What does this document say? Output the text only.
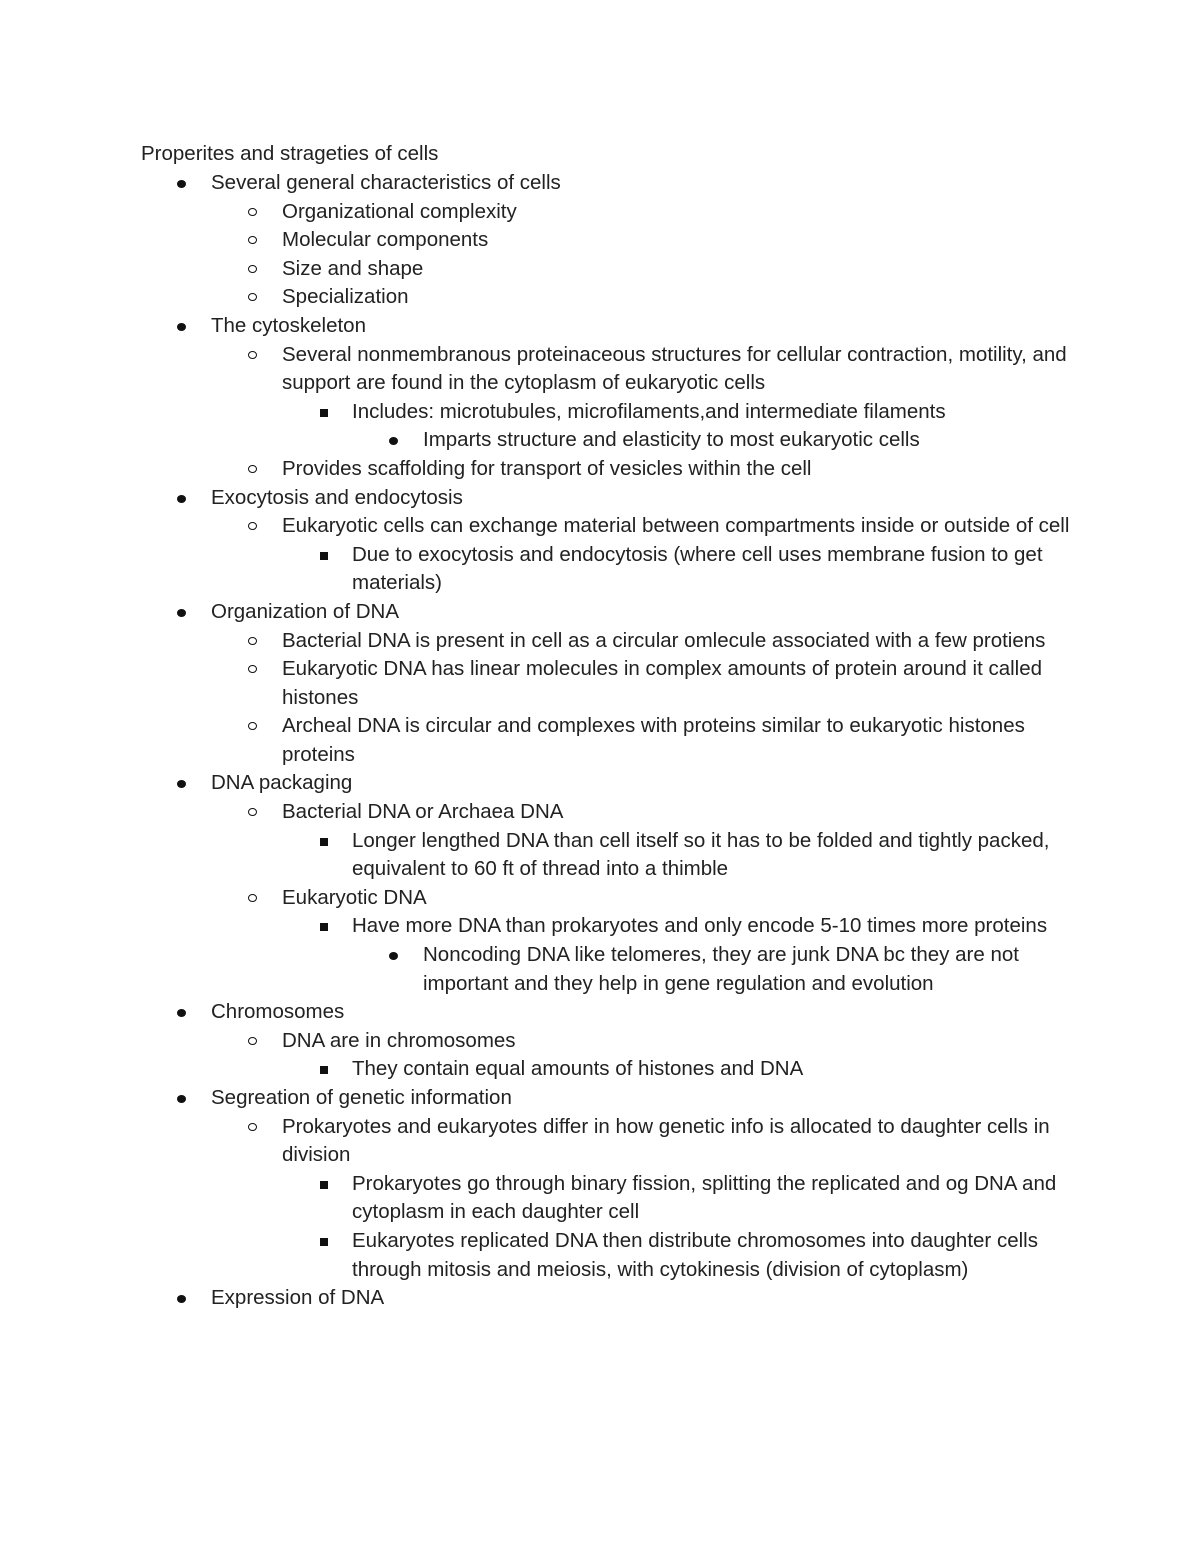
Properites and strageties of cells
Several general characteristics of cells
Organizational complexity
Molecular components
Size and shape
Specialization
The cytoskeleton
Several nonmembranous proteinaceous structures for cellular contraction, motility, and support are found in the cytoplasm of eukaryotic cells
Includes: microtubules, microfilaments,and intermediate filaments
Imparts structure and elasticity to most eukaryotic cells
Provides scaffolding for transport of vesicles within the cell
Exocytosis and endocytosis
Eukaryotic cells can exchange material between compartments inside or outside of cell
Due to exocytosis and endocytosis (where cell uses membrane fusion to get materials)
Organization of DNA
Bacterial DNA is present in cell as a circular omlecule associated with a few protiens
Eukaryotic DNA has linear molecules in complex amounts of protein around it called histones
Archeal DNA is circular and complexes with proteins similar to eukaryotic histones proteins
DNA packaging
Bacterial DNA or Archaea DNA
Longer lengthed DNA than cell itself so it has to be folded and tightly packed, equivalent to 60 ft of thread into a thimble
Eukaryotic DNA
Have more DNA than prokaryotes and only encode 5-10 times more proteins
Noncoding DNA like telomeres, they are junk DNA bc they are not important and they help in gene regulation and evolution
Chromosomes
DNA are in chromosomes
They contain equal amounts of histones and DNA
Segreation of genetic information
Prokaryotes and eukaryotes differ in how genetic info is allocated to daughter cells in division
Prokaryotes go through binary fission, splitting the replicated and og DNA and cytoplasm in each daughter cell
Eukaryotes replicated DNA then distribute chromosomes into daughter cells through mitosis and meiosis, with cytokinesis (division of cytoplasm)
Expression of DNA
